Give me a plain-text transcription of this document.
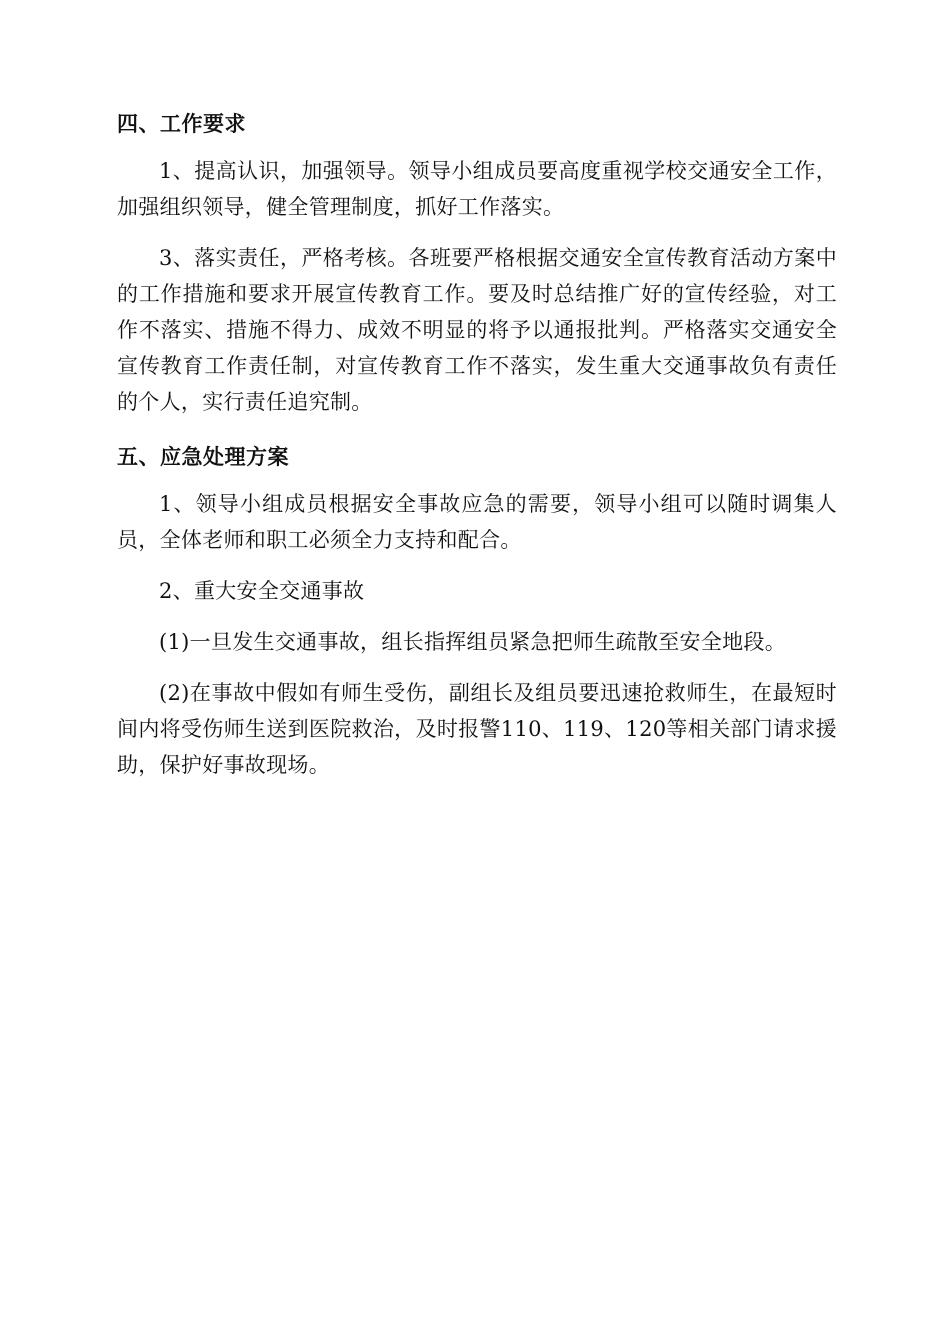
四、工作要求

1、提高认识，加强领导。领导小组成员要高度重视学校交通安全工作，加强组织领导，健全管理制度，抓好工作落实。

3、落实责任，严格考核。各班要严格根据交通安全宣传教育活动方案中的工作措施和要求开展宣传教育工作。要及时总结推广好的宣传经验，对工作不落实、措施不得力、成效不明显的将予以通报批判。严格落实交通安全宣传教育工作责任制，对宣传教育工作不落实，发生重大交通事故负有责任的个人，实行责任追究制。

五、应急处理方案

1、领导小组成员根据安全事故应急的需要，领导小组可以随时调集人员，全体老师和职工必须全力支持和配合。

2、重大安全交通事故

(1)一旦发生交通事故，组长指挥组员紧急把师生疏散至安全地段。

(2)在事故中假如有师生受伤，副组长及组员要迅速抢救师生，在最短时间内将受伤师生送到医院救治，及时报警110、119、120等相关部门请求援助，保护好事故现场。
